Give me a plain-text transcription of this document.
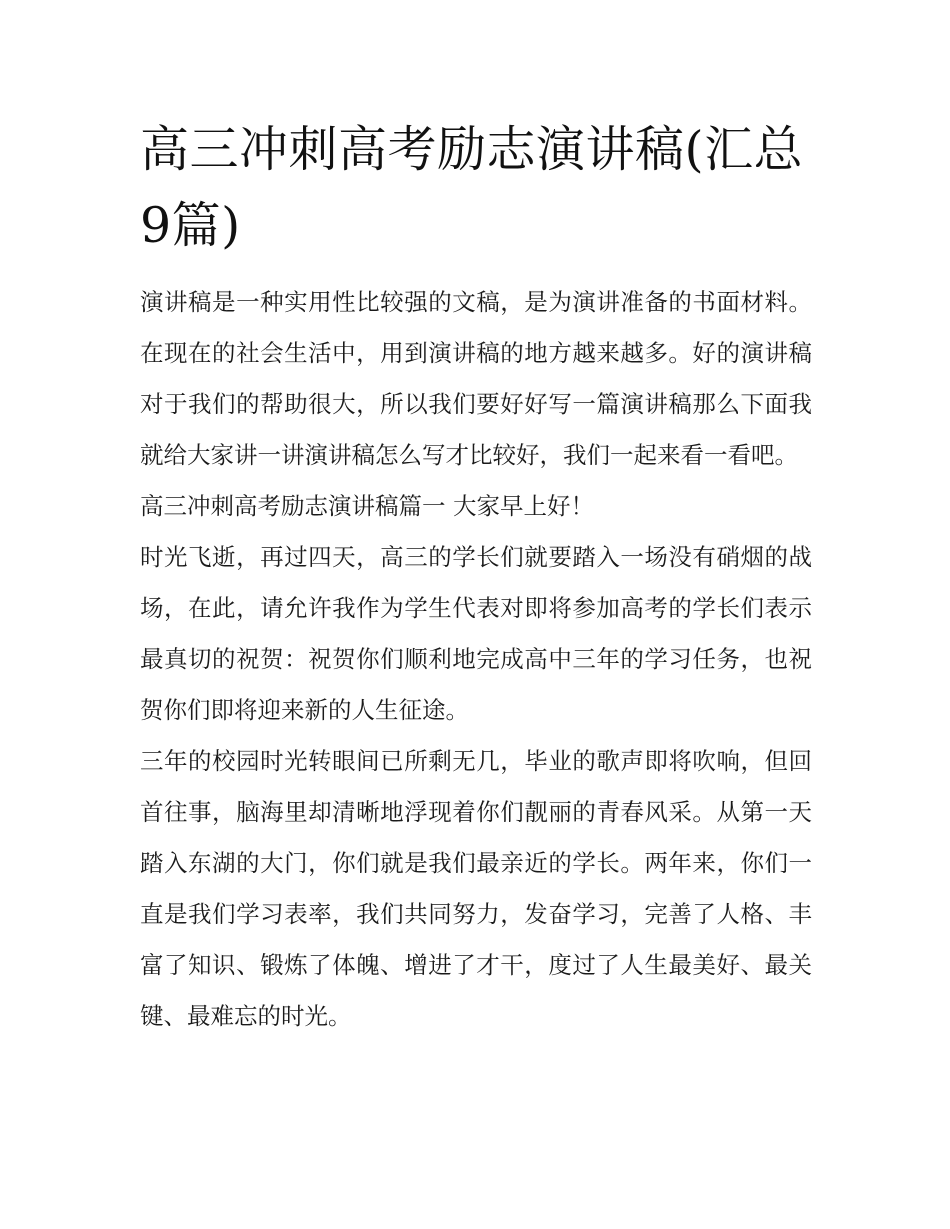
高三冲刺高考励志演讲稿(汇总9篇)

演讲稿是一种实用性比较强的文稿，是为演讲准备的书面材料。在现在的社会生活中，用到演讲稿的地方越来越多。好的演讲稿对于我们的帮助很大，所以我们要好好写一篇演讲稿那么下面我就给大家讲一讲演讲稿怎么写才比较好，我们一起来看一看吧。

高三冲刺高考励志演讲稿篇一 大家早上好！

时光飞逝，再过四天，高三的学长们就要踏入一场没有硝烟的战场，在此，请允许我作为学生代表对即将参加高考的学长们表示最真切的祝贺：祝贺你们顺利地完成高中三年的学习任务，也祝贺你们即将迎来新的人生征途。

三年的校园时光转眼间已所剩无几，毕业的歌声即将吹响，但回首往事，脑海里却清晰地浮现着你们靓丽的青春风采。从第一天踏入东湖的大门，你们就是我们最亲近的学长。两年来，你们一直是我们学习表率，我们共同努力，发奋学习，完善了人格、丰富了知识、锻炼了体魄、增进了才干，度过了人生最美好、最关键、最难忘的时光。
